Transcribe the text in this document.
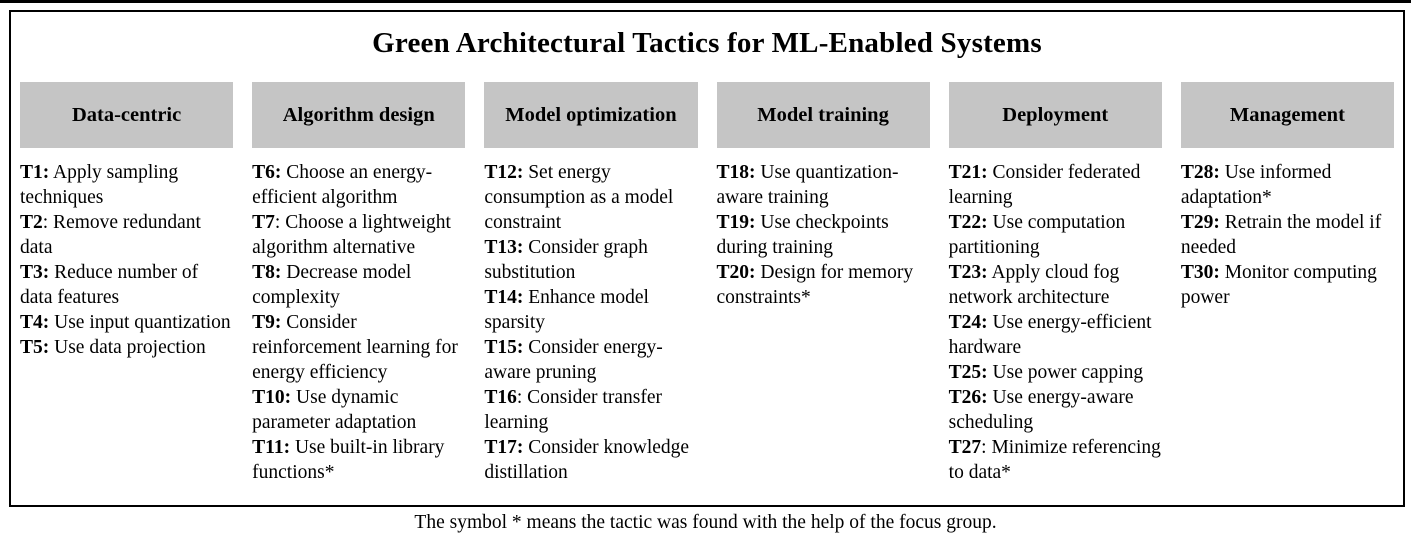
Green Architectural Tactics for ML-Enabled Systems
Data-centric
T1: Apply sampling techniques
T2: Remove redundant data
T3: Reduce number of data features
T4: Use input quantization
T5: Use data projection
Algorithm design
T6: Choose an energy-efficient algorithm
T7: Choose a lightweight algorithm alternative
T8: Decrease model complexity
T9: Consider reinforcement learning for energy efficiency
T10: Use dynamic parameter adaptation
T11: Use built-in library functions*
Model optimization
T12: Set energy consumption as a model constraint
T13: Consider graph substitution
T14: Enhance model sparsity
T15: Consider energy-aware pruning
T16: Consider transfer learning
T17: Consider knowledge distillation
Model training
T18: Use quantization-aware training
T19: Use checkpoints during training
T20: Design for memory constraints*
Deployment
T21: Consider federated learning
T22: Use computation partitioning
T23: Apply cloud fog network architecture
T24: Use energy-efficient hardware
T25: Use power capping
T26: Use energy-aware scheduling
T27: Minimize referencing to data*
Management
T28: Use informed adaptation*
T29: Retrain the model if needed
T30: Monitor computing power
The symbol * means the tactic was found with the help of the focus group.
